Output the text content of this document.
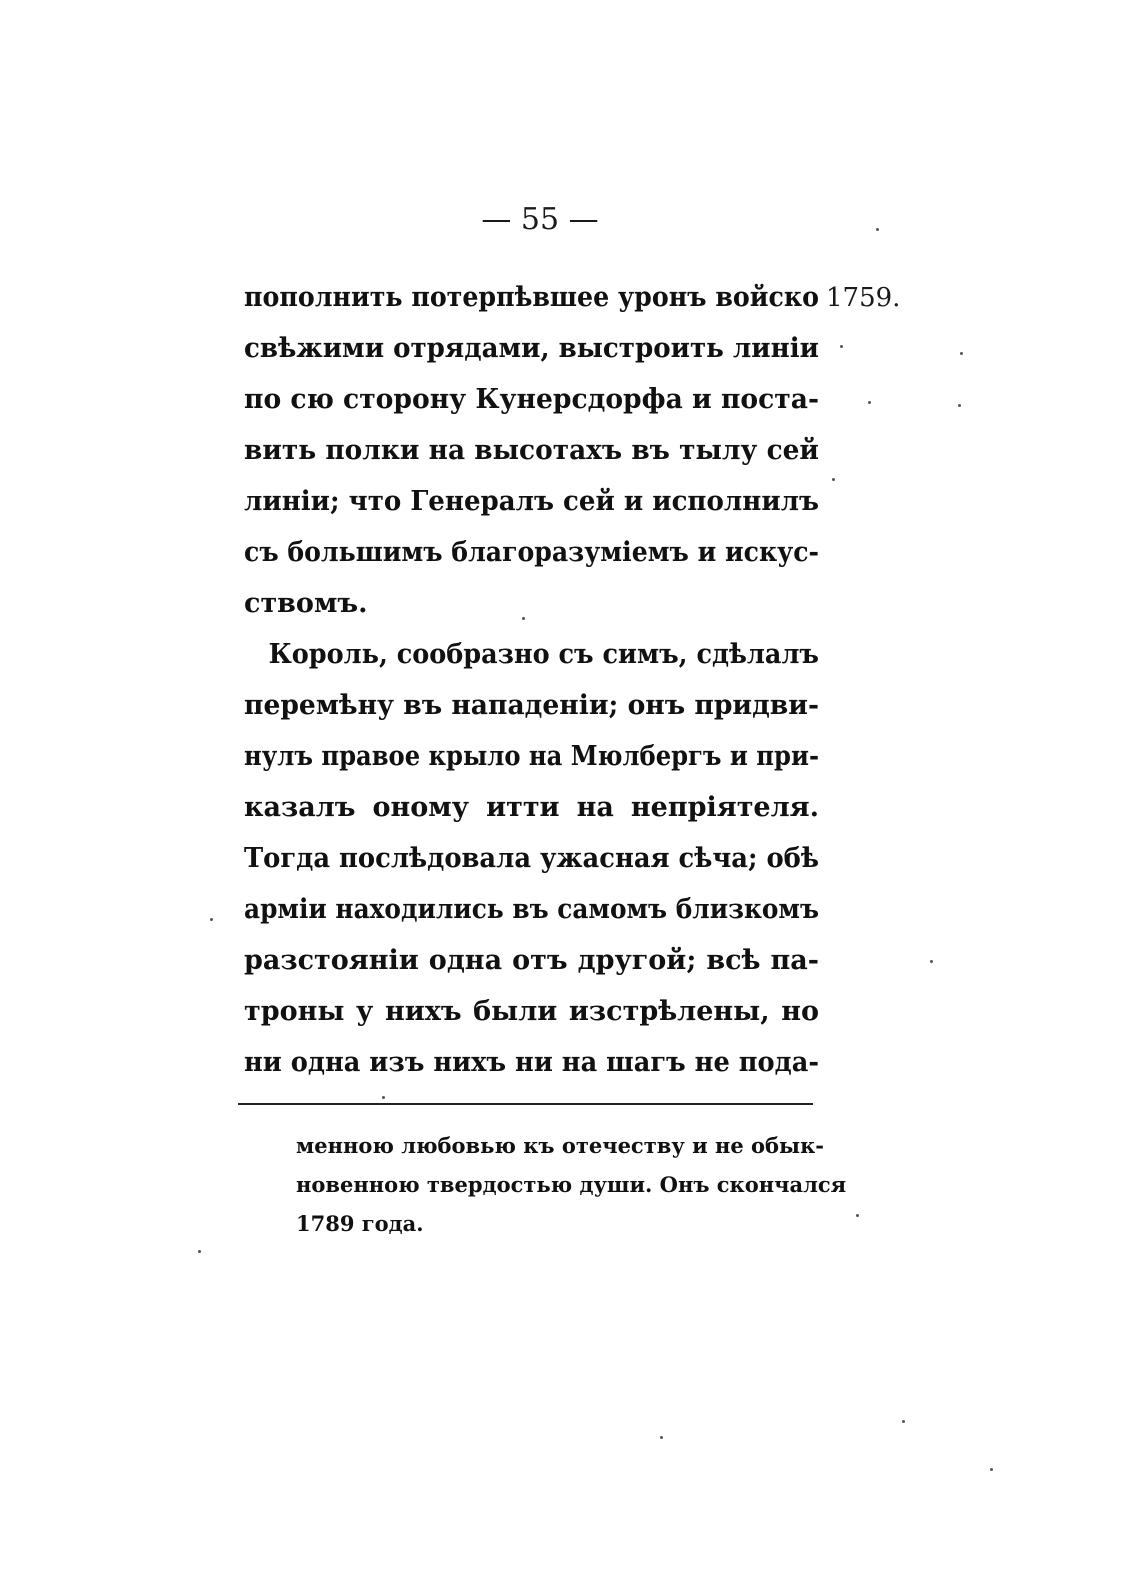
— 55 —
1759.
пополнить потерпѣвшее уронъ войско
свѣжими отрядами, выстроить линіи
по сю сторону Кунерсдорфа и поста-
вить полки на высотахъ въ тылу сей
линіи; что Генералъ сей и исполнилъ
съ большимъ благоразуміемъ и искус-
ствомъ.
Король, сообразно съ симъ, сдѣлалъ
перемѣну въ нападеніи; онъ придви-
нулъ правое крыло на Мюлбергъ и при-
казалъ оному итти на непріятеля.
Тогда послѣдовала ужасная сѣча; обѣ
арміи находились въ самомъ близкомъ
разстояніи одна отъ другой; всѣ па-
троны у нихъ были изстрѣлены, но
ни одна изъ нихъ ни на шагъ не пода-
менною любовью къ отечеству и не обык-
новенною твердостью души. Онъ скончался
1789 года.
